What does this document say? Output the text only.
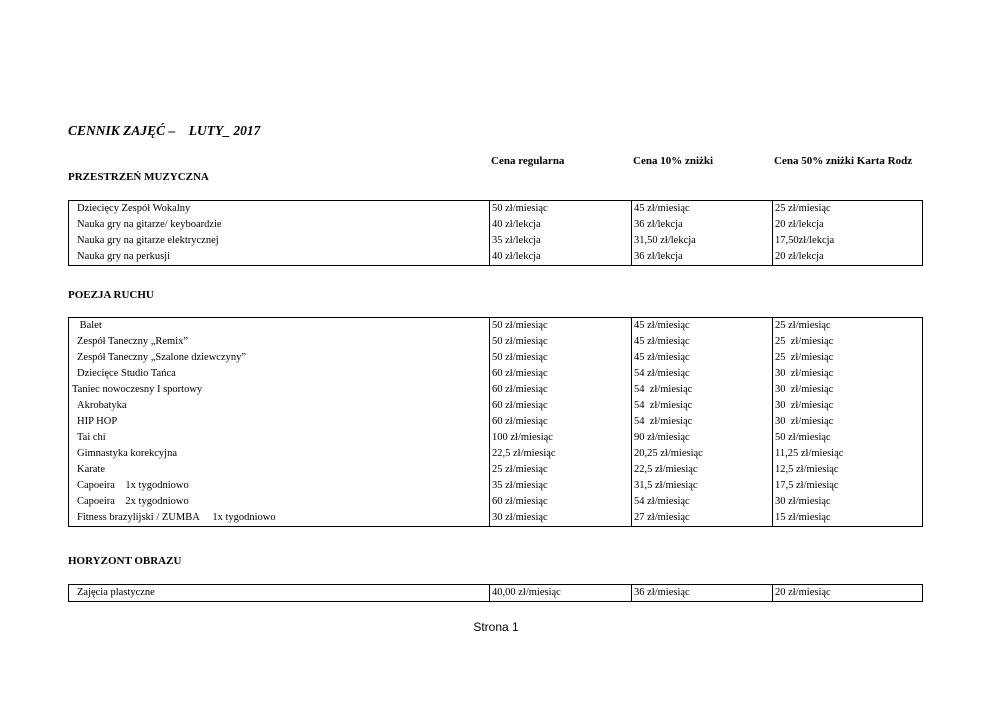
CENNIK ZAJĘĆ –    LUTY_ 2017
Cena regularna	Cena 10% zniżki	Cena 50% zniżki Karta Rodz
PRZESTRZEŃ MUZYCZNA
Dziecięcy Zespół Wokalny	50 zł/miesiąc	45 zł/miesiąc	25 zł/miesiąc
Nauka gry na gitarze/ keyboardzie	40 zł/lekcja	36 zł/lekcja	20 zł/lekcja
Nauka gry na gitarze elektrycznej	35 zł/lekcja	31,50 zł/lekcja	17,50zł/lekcja
Nauka gry na perkusji	40 zł/lekcja	36 zł/lekcja	20 zł/lekcja
POEZJA RUCHU
Balet	50 zł/miesiąc	45 zł/miesiąc	25 zł/miesiąc
Zespół Taneczny „Remix”	50 zł/miesiąc	45 zł/miesiąc	25  zł/miesiąc
Zespół Taneczny „Szalone dziewczyny”	50 zł/miesiąc	45 zł/miesiąc	25  zł/miesiąc
Dziecięce Studio Tańca	60 zł/miesiąc	54 zł/miesiąc	30  zł/miesiąc
Taniec nowoczesny I sportowy	60 zł/miesiąc	54  zł/miesiąc	30  zł/miesiąc
Akrobatyka	60 zł/miesiąc	54  zł/miesiąc	30  zł/miesiąc
HIP HOP	60 zł/miesiąc	54  zł/miesiąc	30  zł/miesiąc
Tai chi	100 zł/miesiąc	90 zł/miesiąc	50 zł/miesiąc
Gimnastyka korekcyjna	22,5 zł/miesiąc	20,25 zł/miesiąc	11,25 zł/miesiąc
Karate	25 zł/miesiąc	22,5 zł/miesiąc	12,5 zł/miesiąc
Capoeira    1x tygodniowo	35 zł/miesiąc	31,5 zł/miesiąc	17,5 zł/miesiąc
Capoeira    2x tygodniowo	60 zł/miesiąc	54 zł/miesiąc	30 zł/miesiąc
Fitness brazylijski / ZUMBA     1x tygodniowo	30 zł/miesiąc	27 zł/miesiąc	15 zł/miesiąc
HORYZONT OBRAZU
Zajęcia plastyczne	40,00 zł/miesiąc	36 zł/miesiąc	20 zł/miesiąc
Strona 1
